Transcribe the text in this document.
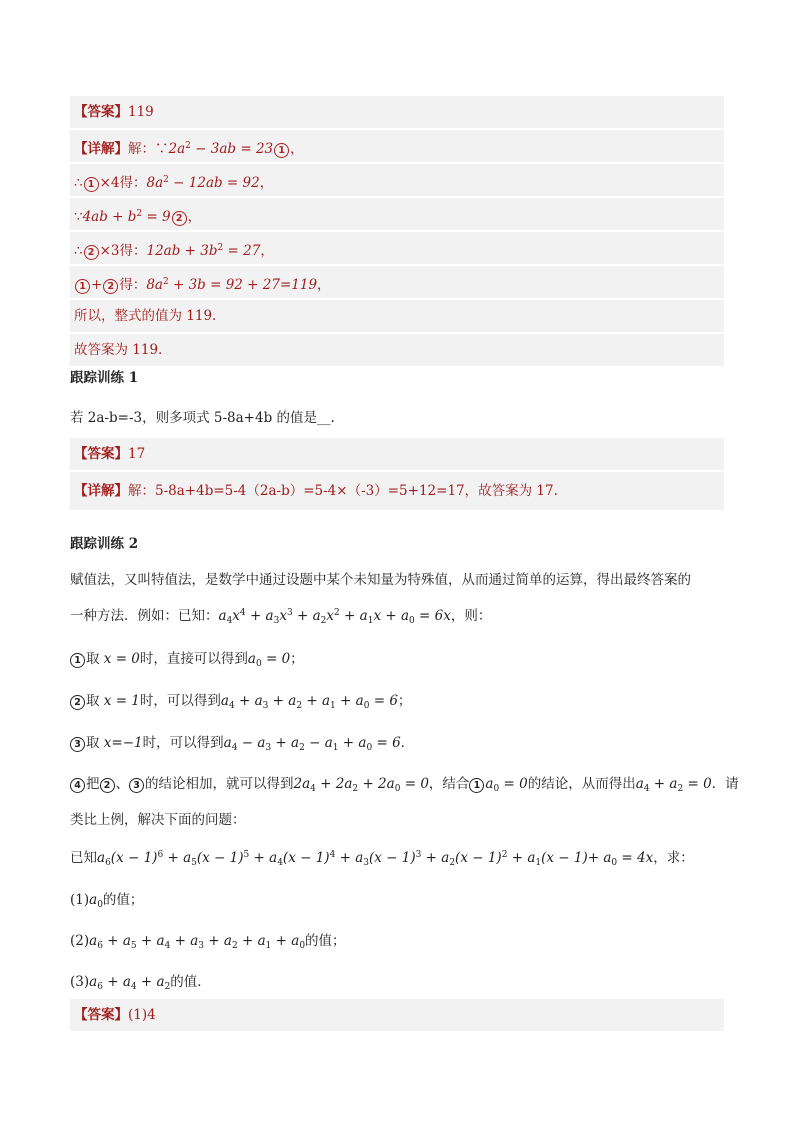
【答案】119
【详解】解：$\because 2a^2 - 3ab = 23$ 1 ，
∴ 1 ×4得：$8a^2 - 12ab = 92$，
∵4ab + $b^2 = 9$ 2 ，
∴ 2 ×3得：$12ab + 3b^2 = 27$，
1 + 2 得：$8a^2 + 3b = 92 + 27=119$，
所以，整式的值为 119.
故答案为 119.
跟踪训练 1
若 2a-b=-3，则多项式 5-8a+4b 的值是__.
【答案】17
【详解】解：5-8a+4b=5-4（2a-b）=5-4×（-3）=5+12=17，故答案为 17.
跟踪训练 2
赋值法，又叫特值法，是数学中通过设题中某个未知量为特殊值，从而通过简单的运算，得出最终答案的
一种方法．例如：已知：$a_4x^4 + a_3x^3 + a_2x^2 + a_1x + a_0 = 6x$，则：
1 取 x = 0时，直接可以得到$a_0 = 0$；
2 取 x = 1时，可以得到$a_4 + a_3 + a_2 + a_1 + a_0 = 6$；
3 取 x=−1时，可以得到$a_4 - a_3 + a_2 - a_1 + a_0 = 6$．
4 把 2 、 3 的结论相加，就可以得到$2a_4 + 2a_2 + 2a_0 = 0$，结合 1 $a_0 = 0$的结论，从而得出$a_4 + a_2 = 0$．请
类比上例，解决下面的问题：
已知$a_6(x - 1)^6 + a_5(x - 1)^5 + a_4(x - 1)^4 + a_3(x - 1)^3 + a_2(x - 1)^2 + a_1(x - 1)+ a_0 = 4x$，求：
$(1)a_0$的值；
$(2)a_6 + a_5 + a_4 + a_3 + a_2 + a_1 + a_0$的值；
$(3)a_6 + a_4 + a_2$的值．
【答案】(1)4
